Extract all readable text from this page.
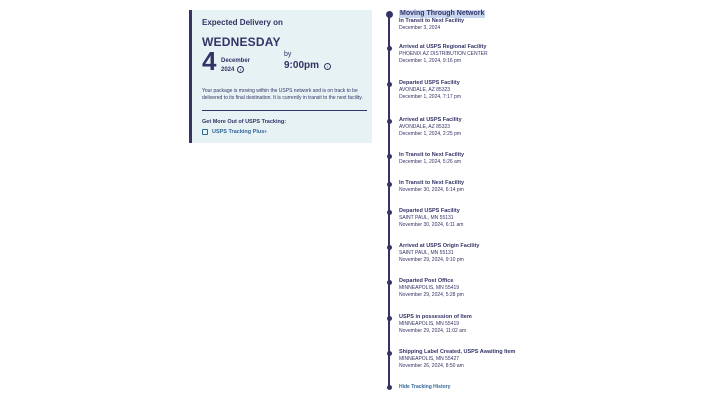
Expected Delivery on
WEDNESDAY
4 December
2024 i
by
9:00pm	i
Your package is moving within the USPS network and is on track to be delivered to its final destination. It is currently in transit to the next facility.
Get More Out of USPS Tracking:
USPS Tracking Plus ®
Moving Through Network
In Transit to Next Facility
December 3, 2024
Arrived at USPS Regional Facility
PHOENIX AZ DISTRIBUTION CENTER
December 1, 2024, 9:16 pm
Departed USPS Facility
AVONDALE, AZ 85323
December 1, 2024, 7:17 pm
Arrived at USPS Facility
AVONDALE, AZ 85323
December 1, 2024, 2:25 pm
In Transit to Next Facility
December 1, 2024, 5:26 am
In Transit to Next Facility
November 30, 2024, 6:14 pm
Departed USPS Facility
SAINT PAUL, MN 55131
November 30, 2024, 6:11 am
Arrived at USPS Origin Facility
SAINT PAUL, MN 55131
November 29, 2024, 9:10 pm
Departed Post Office
MINNEAPOLIS, MN 55419
November 29, 2024, 5:28 pm
USPS in possession of Item
MINNEAPOLIS, MN 55419
November 29, 2024, 11:02 am
Shipping Label Created, USPS Awaiting Item
MINNEAPOLIS, MN 55427
November 26, 2024, 8:50 am
Hide Tracking History
